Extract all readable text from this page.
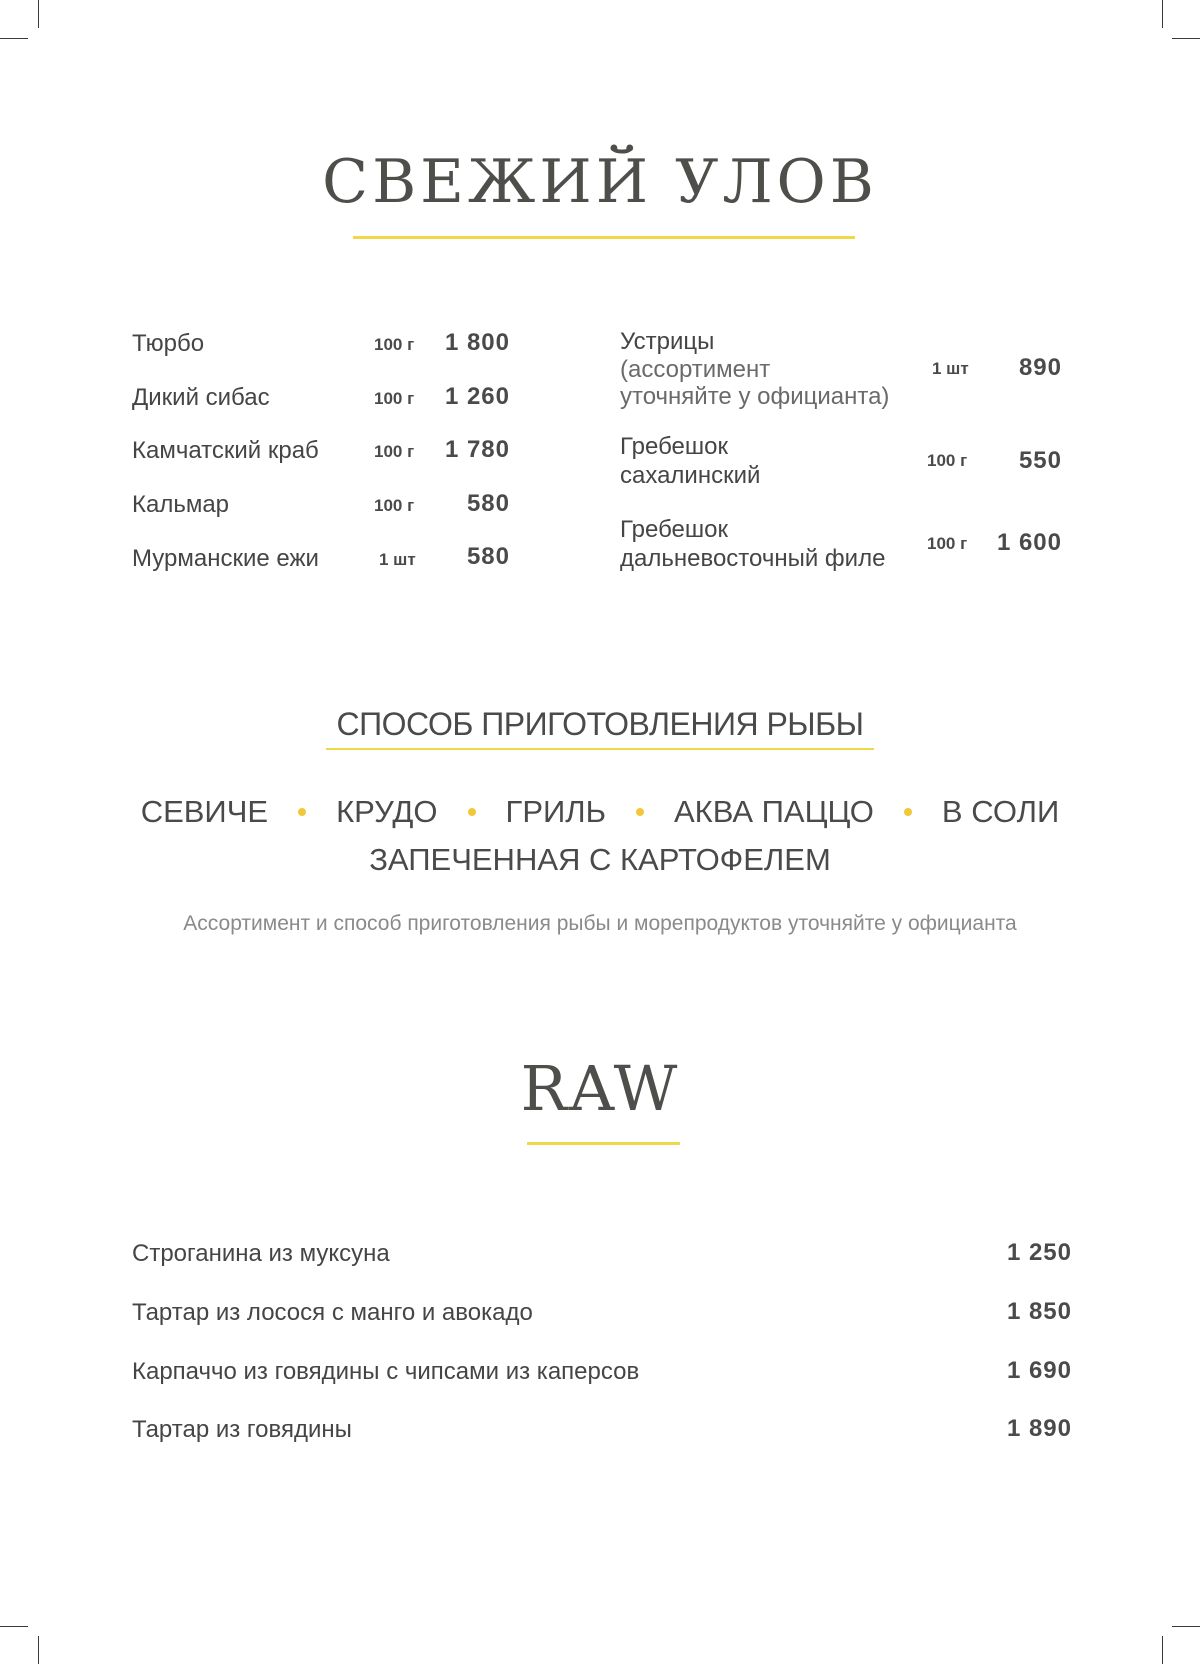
СВЕЖИЙ УЛОВ
Тюрбо	100 г	1 800
Дикий сибас	100 г	1 260
Камчатский краб	100 г	1 780
Кальмар	100 г	580
Мурманские ежи	1 шт	580
Устрицы
(ассортимент
уточняйте у официанта)
1 шт	890
Гребешок
сахалинский
100 г	550
Гребешок
дальневосточный филе
100 г	1 600
СПОСОБ ПРИГОТОВЛЕНИЯ РЫБЫ
СЕВИЧЕ КРУДО ГРИЛЬ АКВА ПАЦЦО В СОЛИ
ЗАПЕЧЕННАЯ С КАРТОФЕЛЕМ
Ассортимент и способ приготовления рыбы и морепродуктов уточняйте у официанта
RAW
Строганина из муксуна	1 250
Тартар из лосося с манго и авокадо	1 850
Карпаччо из говядины с чипсами из каперсов	1 690
Тартар из говядины	1 890
